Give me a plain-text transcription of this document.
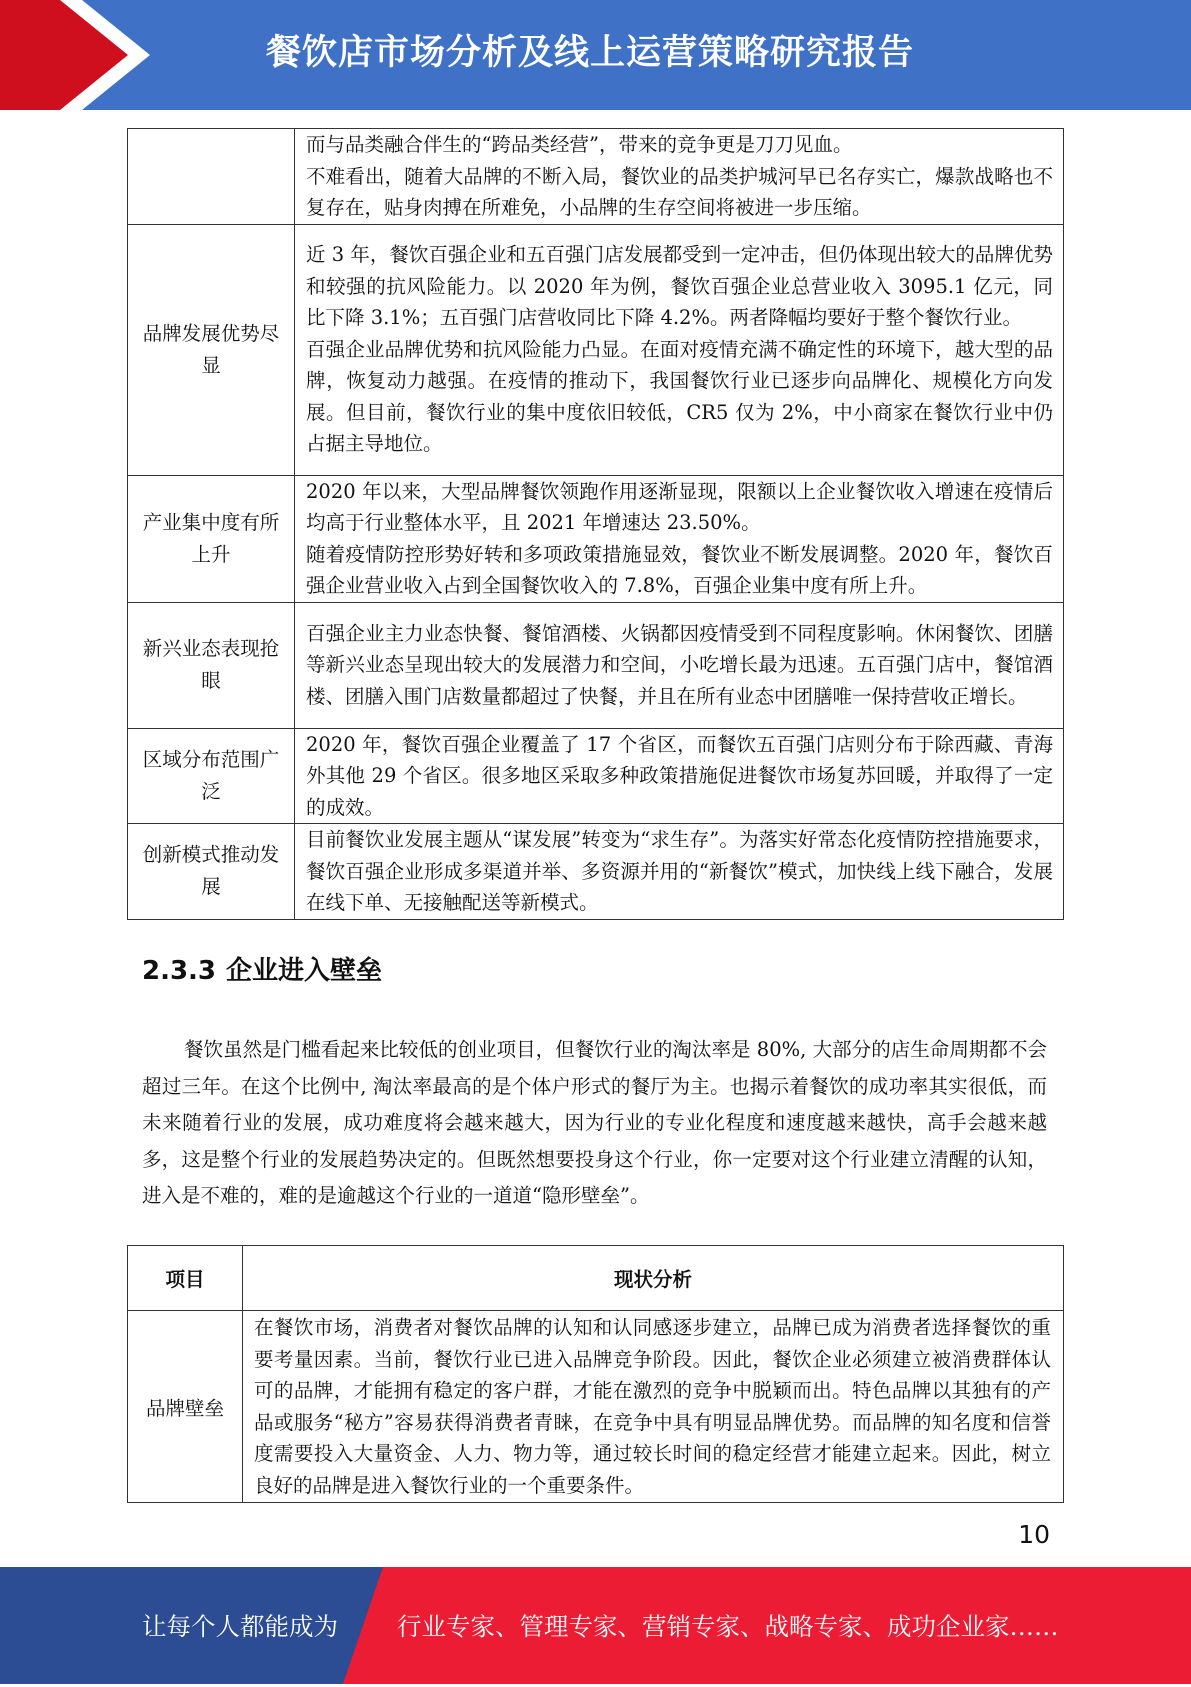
餐饮店市场分析及线上运营策略研究报告

	而与品类融合伴生的“跨品类经营”，带来的竞争更是刀刀见血。

不难看出，随着大品牌的不断入局，餐饮业的品类护城河早已名存实亡，爆款战略也不复存在，贴身肉搏在所难免，小品牌的生存空间将被进一步压缩。

品牌发展优势尽显	近 3 年，餐饮百强企业和五百强门店发展都受到一定冲击，但仍体现出较大的品牌优势和较强的抗风险能力。以 2020 年为例，餐饮百强企业总营业收入 3095.1 亿元，同比下降 3.1%；五百强门店营收同比下降 4.2%。两者降幅均要好于整个餐饮行业。

百强企业品牌优势和抗风险能力凸显。在面对疫情充满不确定性的环境下，越大型的品牌，恢复动力越强。在疫情的推动下，我国餐饮行业已逐步向品牌化、规模化方向发展。但目前，餐饮行业的集中度依旧较低，CR5 仅为 2%，中小商家在餐饮行业中仍占据主导地位。

产业集中度有所上升	2020 年以来，大型品牌餐饮领跑作用逐渐显现，限额以上企业餐饮收入增速在疫情后均高于行业整体水平，且 2021 年增速达 23.50%。

随着疫情防控形势好转和多项政策措施显效，餐饮业不断发展调整。2020 年，餐饮百强企业营业收入占到全国餐饮收入的 7.8%，百强企业集中度有所上升。

新兴业态表现抢眼	百强企业主力业态快餐、餐馆酒楼、火锅都因疫情受到不同程度影响。休闲餐饮、团膳等新兴业态呈现出较大的发展潜力和空间，小吃增长最为迅速。五百强门店中，餐馆酒楼、团膳入围门店数量都超过了快餐，并且在所有业态中团膳唯一保持营收正增长。

区域分布范围广泛	2020 年，餐饮百强企业覆盖了 17 个省区，而餐饮五百强门店则分布于除西藏、青海外其他 29 个省区。很多地区采取多种政策措施促进餐饮市场复苏回暖，并取得了一定的成效。

创新模式推动发展	目前餐饮业发展主题从“谋发展”转变为“求生存”。为落实好常态化疫情防控措施要求，餐饮百强企业形成多渠道并举、多资源并用的“新餐饮”模式，加快线上线下融合，发展在线下单、无接触配送等新模式。

2.3.3 企业进入壁垒

餐饮虽然是门槛看起来比较低的创业项目，但餐饮行业的淘汰率是 80%, 大部分的店生命周期都不会超过三年。在这个比例中, 淘汰率最高的是个体户形式的餐厅为主。也揭示着餐饮的成功率其实很低，而未来随着行业的发展，成功难度将会越来越大，因为行业的专业化程度和速度越来越快，高手会越来越多，这是整个行业的发展趋势决定的。但既然想要投身这个行业，你一定要对这个行业建立清醒的认知，进入是不难的，难的是逾越这个行业的一道道“隐形壁垒”。

项目	现状分析
品牌壁垒	在餐饮市场，消费者对餐饮品牌的认知和认同感逐步建立，品牌已成为消费者选择餐饮的重要考量因素。当前，餐饮行业已进入品牌竞争阶段。因此，餐饮企业必须建立被消费群体认可的品牌，才能拥有稳定的客户群，才能在激烈的竞争中脱颖而出。特色品牌以其独有的产品或服务“秘方”容易获得消费者青睐，在竞争中具有明显品牌优势。而品牌的知名度和信誉度需要投入大量资金、人力、物力等，通过较长时间的稳定经营才能建立起来。因此，树立良好的品牌是进入餐饮行业的一个重要条件。
10
让每个人都能成为 行业专家、管理专家、营销专家、战略专家、成功企业家……
